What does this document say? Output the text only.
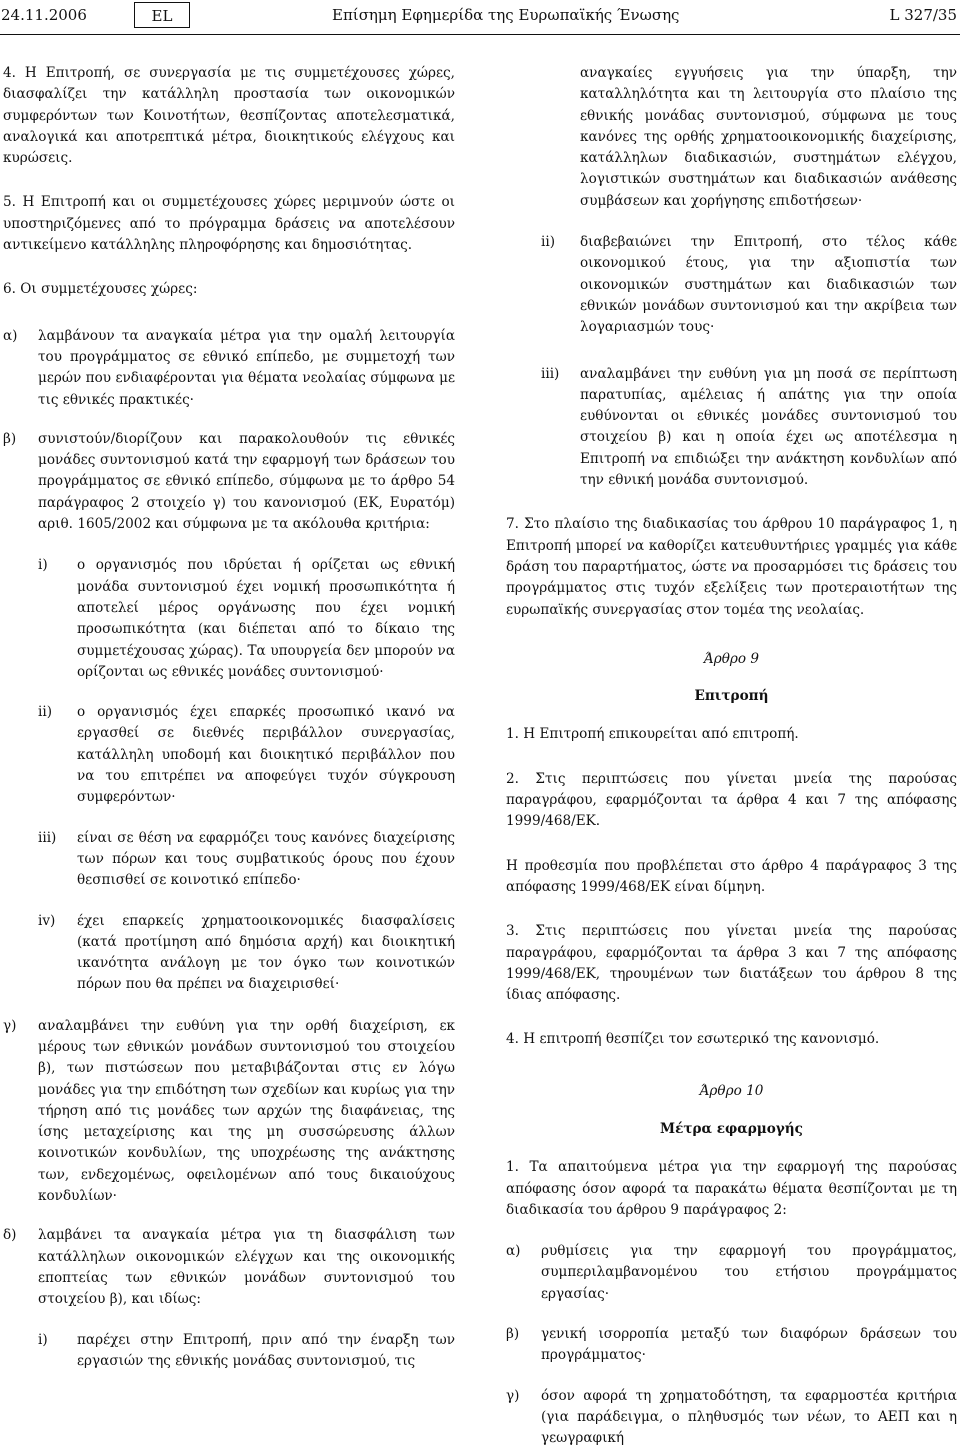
24.11.2006	EL	Επίσημη Εφημερίδα της Ευρωπαϊκής Ένωσης	L 327/35

4. Η Επιτροπή, σε συνεργασία με τις συμμετέχουσες χώρες, διασφαλίζει την κατάλληλη προστασία των οικονομικών συμφερόντων των Κοινοτήτων, θεσπίζοντας αποτελεσματικά, αναλογικά και αποτρεπτικά μέτρα, διοικητικούς ελέγχους και κυρώσεις.

5. Η Επιτροπή και οι συμμετέχουσες χώρες μεριμνούν ώστε οι υποστηριζόμενες από το πρόγραμμα δράσεις να αποτελέσουν αντικείμενο κατάλληλης πληροφόρησης και δημοσιότητας.

6. Οι συμμετέχουσες χώρες:

α) λαμβάνουν τα αναγκαία μέτρα για την ομαλή λειτουργία του προγράμματος σε εθνικό επίπεδο, με συμμετοχή των μερών που ενδιαφέρονται για θέματα νεολαίας σύμφωνα με τις εθνικές πρακτικές·
β) συνιστούν/διορίζουν και παρακολουθούν τις εθνικές μονάδες συντονισμού κατά την εφαρμογή των δράσεων του προγράμματος σε εθνικό επίπεδο, σύμφωνα με το άρθρο 54 παράγραφος 2 στοιχείο γ) του κανονισμού (ΕΚ, Ευρατόμ) αριθ. 1605/2002 και σύμφωνα με τα ακόλουθα κριτήρια:
i) ο οργανισμός που ιδρύεται ή ορίζεται ως εθνική μονάδα συντονισμού έχει νομική προσωπικότητα ή αποτελεί μέρος οργάνωσης που έχει νομική προσωπικότητα (και διέπεται από το δίκαιο της συμμετέχουσας χώρας). Τα υπουργεία δεν μπορούν να ορίζονται ως εθνικές μονάδες συντονισμού·
ii) ο οργανισμός έχει επαρκές προσωπικό ικανό να εργασθεί σε διεθνές περιβάλλον συνεργασίας, κατάλληλη υποδομή και διοικητικό περιβάλλον που να του επιτρέπει να αποφεύγει τυχόν σύγκρουση συμφερόντων·
iii) είναι σε θέση να εφαρμόζει τους κανόνες διαχείρισης των πόρων και τους συμβατικούς όρους που έχουν θεσπισθεί σε κοινοτικό επίπεδο·
iv) έχει επαρκείς χρηματοοικονομικές διασφαλίσεις (κατά προτίμηση από δημόσια αρχή) και διοικητική ικανότητα ανάλογη με τον όγκο των κοινοτικών πόρων που θα πρέπει να διαχειρισθεί·
γ) αναλαμβάνει την ευθύνη για την ορθή διαχείριση, εκ μέρους των εθνικών μονάδων συντονισμού του στοιχείου β), των πιστώσεων που μεταβιβάζονται στις εν λόγω μονάδες για την επιδότηση των σχεδίων και κυρίως για την τήρηση από τις μονάδες των αρχών της διαφάνειας, της ίσης μεταχείρισης και της μη συσσώρευσης άλλων κοινοτικών κονδυλίων, της υποχρέωσης της ανάκτησης των, ενδεχομένως, οφειλομένων από τους δικαιούχους κονδυλίων·
δ) λαμβάνει τα αναγκαία μέτρα για τη διασφάλιση των κατάλληλων οικονομικών ελέγχων και της οικονομικής εποπτείας των εθνικών μονάδων συντονισμού του στοιχείου β), και ιδίως:
i) παρέχει στην Επιτροπή, πριν από την έναρξη των εργασιών της εθνικής μονάδας συντονισμού, τις
αναγκαίες εγγυήσεις για την ύπαρξη, την καταλληλότητα και τη λειτουργία στο πλαίσιο της εθνικής μονάδας συντονισμού, σύμφωνα με τους κανόνες της ορθής χρηματοοικονομικής διαχείρισης, κατάλληλων διαδικασιών, συστημάτων ελέγχου, λογιστικών συστημάτων και διαδικασιών ανάθεσης συμβάσεων και χορήγησης επιδοτήσεων·
ii) διαβεβαιώνει την Επιτροπή, στο τέλος κάθε οικονομικού έτους, για την αξιοπιστία των οικονομικών συστημάτων και διαδικασιών των εθνικών μονάδων συντονισμού και την ακρίβεια των λογαριασμών τους·
iii) αναλαμβάνει την ευθύνη για μη ποσά σε περίπτωση παρατυπίας, αμέλειας ή απάτης για την οποία ευθύνονται οι εθνικές μονάδες συντονισμού του στοιχείου β) και η οποία έχει ως αποτέλεσμα η Επιτροπή να επιδιώξει την ανάκτηση κονδυλίων από την εθνική μονάδα συντονισμού.

7. Στο πλαίσιο της διαδικασίας του άρθρου 10 παράγραφος 1, η Επιτροπή μπορεί να καθορίζει κατευθυντήριες γραμμές για κάθε δράση του παραρτήματος, ώστε να προσαρμόσει τις δράσεις του προγράμματος στις τυχόν εξελίξεις των προτεραιοτήτων της ευρωπαϊκής συνεργασίας στον τομέα της νεολαίας.

Άρθρο 9

Επιτροπή

1. Η Επιτροπή επικουρείται από επιτροπή.

2. Στις περιπτώσεις που γίνεται μνεία της παρούσας παραγράφου, εφαρμόζονται τα άρθρα 4 και 7 της απόφασης 1999/468/ΕΚ.

Η προθεσμία που προβλέπεται στο άρθρο 4 παράγραφος 3 της απόφασης 1999/468/ΕΚ είναι δίμηνη.

3. Στις περιπτώσεις που γίνεται μνεία της παρούσας παραγράφου, εφαρμόζονται τα άρθρα 3 και 7 της απόφασης 1999/468/ΕΚ, τηρουμένων των διατάξεων του άρθρου 8 της ίδιας απόφασης.

4. Η επιτροπή θεσπίζει τον εσωτερικό της κανονισμό.

Άρθρο 10

Μέτρα εφαρμογής

1. Τα απαιτούμενα μέτρα για την εφαρμογή της παρούσας απόφασης όσον αφορά τα παρακάτω θέματα θεσπίζονται με τη διαδικασία του άρθρου 9 παράγραφος 2:

α) ρυθμίσεις για την εφαρμογή του προγράμματος, συμπεριλαμβανομένου του ετήσιου προγράμματος εργασίας·
β) γενική ισορροπία μεταξύ των διαφόρων δράσεων του προγράμματος·
γ) όσον αφορά τη χρηματοδότηση, τα εφαρμοστέα κριτήρια (για παράδειγμα, ο πληθυσμός των νέων, το ΑΕΠ και η γεωγραφική
